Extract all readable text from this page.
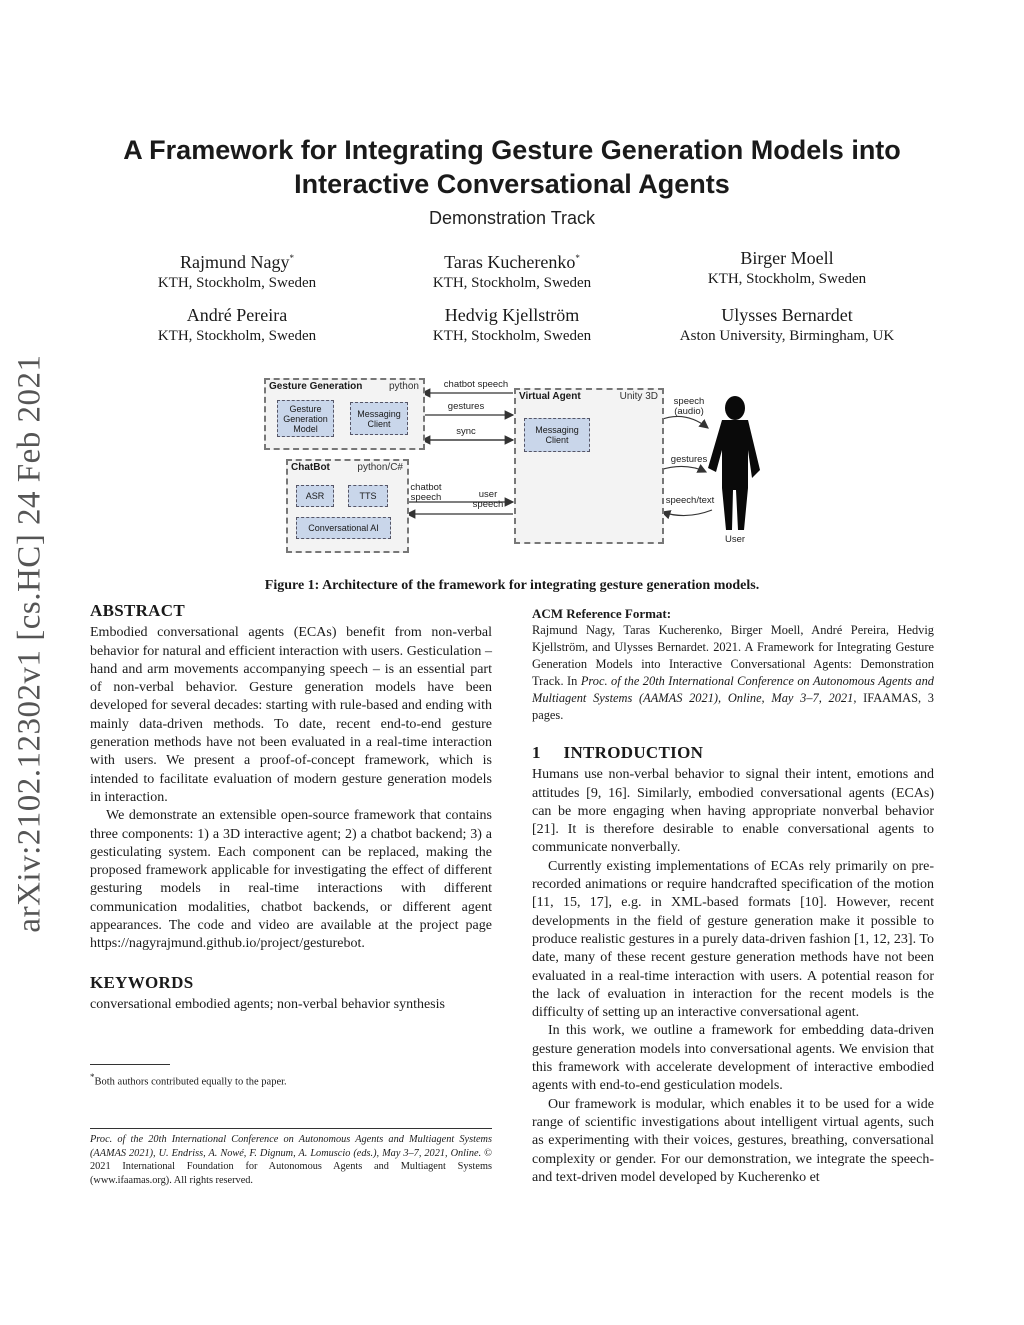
arXiv:2102.12302v1 [cs.HC] 24 Feb 2021
A Framework for Integrating Gesture Generation Models into
Interactive Conversational Agents
Demonstration Track
Rajmund Nagy*
KTH, Stockholm, Sweden
Taras Kucherenko*
KTH, Stockholm, Sweden
Birger Moell
KTH, Stockholm, Sweden
André Pereira
KTH, Stockholm, Sweden
Hedvig Kjellström
KTH, Stockholm, Sweden
Ulysses Bernardet
Aston University, Birmingham, UK
Gesture Generation	python
Gesture Generation Model
Messaging Client
Virtual Agent	Unity 3D
Messaging Client
ChatBot	python/C#
ASR	TTS
Conversational AI
chatbot speech
gestures
sync
chatbot speech	user speech
speech (audio)
gestures
speech/text
User
Figure 1: Architecture of the framework for integrating gesture generation models.
ABSTRACT

Embodied conversational agents (ECAs) benefit from non-verbal behavior for natural and efficient interaction with users. Gesticulation – hand and arm movements accompanying speech – is an essential part of non-verbal behavior. Gesture generation models have been developed for several decades: starting with rule-based and ending with mainly data-driven methods. To date, recent end-to-end gesture generation methods have not been evaluated in a real-time interaction with users. We present a proof-of-concept framework, which is intended to facilitate evaluation of modern gesture generation models in interaction.

We demonstrate an extensible open-source framework that contains three components: 1) a 3D interactive agent; 2) a chatbot backend; 3) a gesticulating system. Each component can be replaced, making the proposed framework applicable for investigating the effect of different gesturing models in real-time interactions with different communication modalities, chatbot backends, or different agent appearances. The code and video are available at the project page https://nagyrajmund.github.io/project/gesturebot.

KEYWORDS

conversational embodied agents; non-verbal behavior synthesis

*Both authors contributed equally to the paper.
Proc. of the 20th International Conference on Autonomous Agents and Multiagent Systems (AAMAS 2021), U. Endriss, A. Nowé, F. Dignum, A. Lomuscio (eds.), May 3–7, 2021, Online. © 2021 International Foundation for Autonomous Agents and Multiagent Systems (www.ifaamas.org). All rights reserved.
ACM Reference Format:

Rajmund Nagy, Taras Kucherenko, Birger Moell, André Pereira, Hedvig Kjellström, and Ulysses Bernardet. 2021. A Framework for Integrating Gesture Generation Models into Interactive Conversational Agents: Demonstration Track. In Proc. of the 20th International Conference on Autonomous Agents and Multiagent Systems (AAMAS 2021), Online, May 3–7, 2021, IFAAMAS, 3 pages.

1     INTRODUCTION

Humans use non-verbal behavior to signal their intent, emotions and attitudes [9, 16]. Similarly, embodied conversational agents (ECAs) can be more engaging when having appropriate nonverbal behavior [21]. It is therefore desirable to enable conversational agents to communicate nonverbally.

Currently existing implementations of ECAs rely primarily on pre-recorded animations or require handcrafted specification of the motion [11, 15, 17], e.g. in XML-based formats [10]. However, recent developments in the field of gesture generation make it possible to produce realistic gestures in a purely data-driven fashion [1, 12, 23]. To date, many of these recent gesture generation methods have not been evaluated in a real-time interaction with users. A potential reason for the lack of evaluation in interaction for the recent models is the difficulty of setting up an interactive conversational agent.

In this work, we outline a framework for embedding data-driven gesture generation models into conversational agents. We envision that this framework with accelerate development of interactive embodied agents with end-to-end gesticulation models.

Our framework is modular, which enables it to be used for a wide range of scientific investigations about intelligent virtual agents, such as experimenting with their voices, gestures, breathing, conversational complexity or gender. For our demonstration, we integrate the speech- and text-driven model developed by Kucherenko et
